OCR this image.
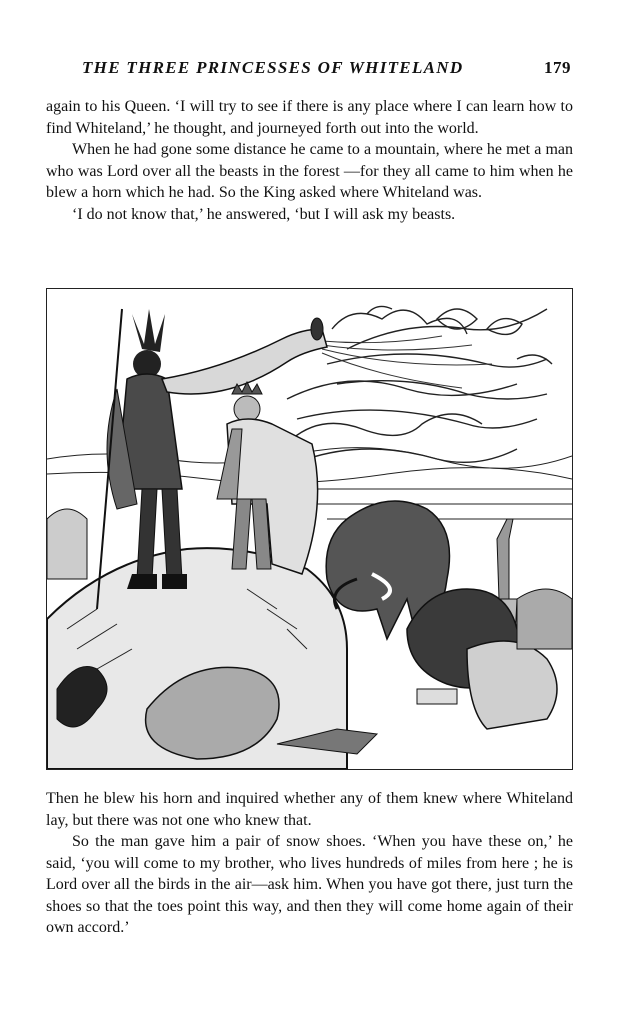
THE THREE PRINCESSES OF WHITELAND	179

again to his Queen. ‘I will try to see if there is any place where I can learn how to find Whiteland,’ he thought, and journeyed forth out into the world.

When he had gone some distance he came to a mountain, where he met a man who was Lord over all the beasts in the forest —for they all came to him when he blew a horn which he had. So the King asked where Whiteland was.

‘I do not know that,’ he answered, ‘but I will ask my beasts.

Then he blew his horn and inquired whether any of them knew where Whiteland lay, but there was not one who knew that.

So the man gave him a pair of snow shoes. ‘When you have these on,’ he said, ‘you will come to my brother, who lives hundreds of miles from here ; he is Lord over all the birds in the air—ask him. When you have got there, just turn the shoes so that the toes point this way, and then they will come home again of their own accord.’
